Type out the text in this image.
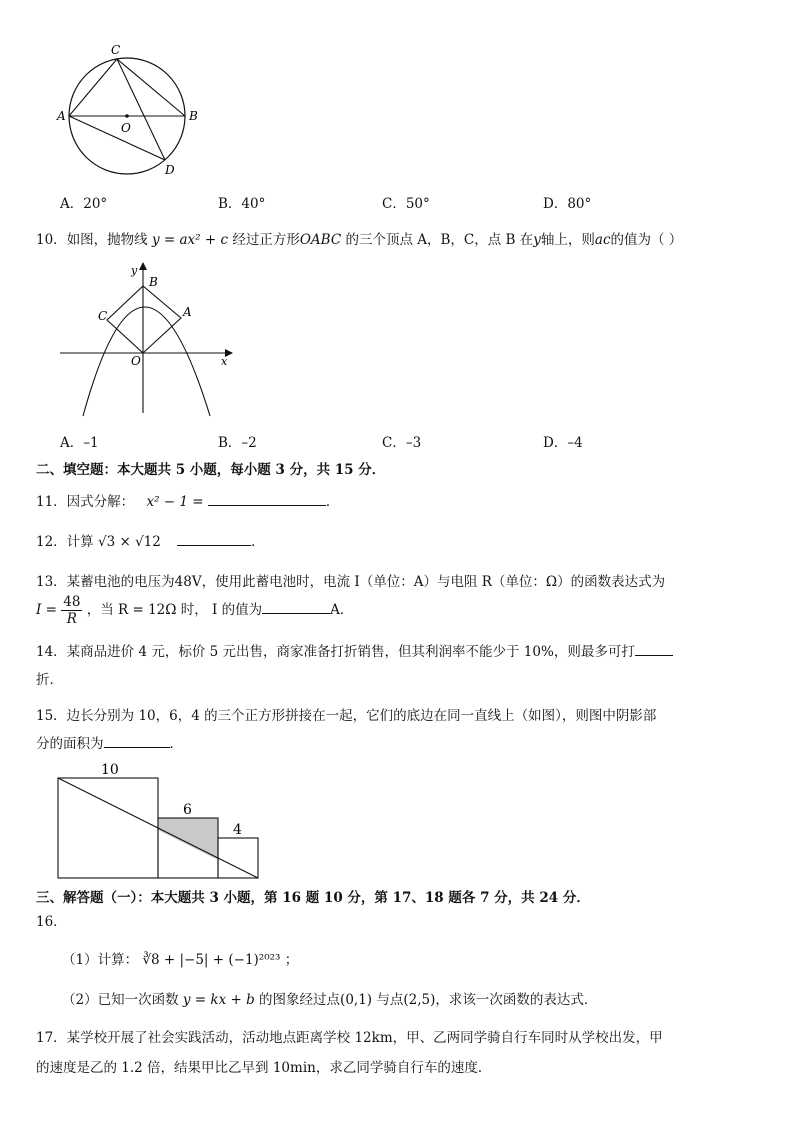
C
A
O
B
D
A．20°	B．40°	C．50°	D．80°
10．如图，抛物线 y = ax² + c 经过正方形OABC 的三个顶点 A，B，C，点 B 在y轴上，则ac的值为（ ）
y
B
C	A
O	x
A．–1	B．–2	C．–3	D．–4
二、填空题：本大题共 5 小题，每小题 3 分，共 15 分．
11．因式分解： x² − 1 =	．
12．计算 √3 × √12	．
13．某蓄电池的电压为48V，使用此蓄电池时，电流 I（单位：A）与电阻 R（单位：Ω）的函数表达式为
$I = \frac{48}{R}$ ，当 R = 12Ω 时， I 的值为	A．
14．某商品进价 4 元，标价 5 元出售，商家准备打折销售，但其利润率不能少于 10%，则最多可打
折．
15．边长分别为 10，6，4 的三个正方形拼接在一起，它们的底边在同一直线上（如图），则图中阴影部
分的面积为	．
10
6
4
三、解答题（一）：本大题共 3 小题，第 16 题 10 分，第 17、18 题各 7 分，共 24 分．
16．
（1）计算： ∛8 + |−5| + (−1)²⁰²³ ；
（2）已知一次函数 y = kx + b 的图象经过点(0,1) 与点(2,5)，求该一次函数的表达式．
17．某学校开展了社会实践活动，活动地点距离学校 12km，甲、乙两同学骑自行车同时从学校出发，甲
的速度是乙的 1.2 倍，结果甲比乙早到 10min，求乙同学骑自行车的速度．
